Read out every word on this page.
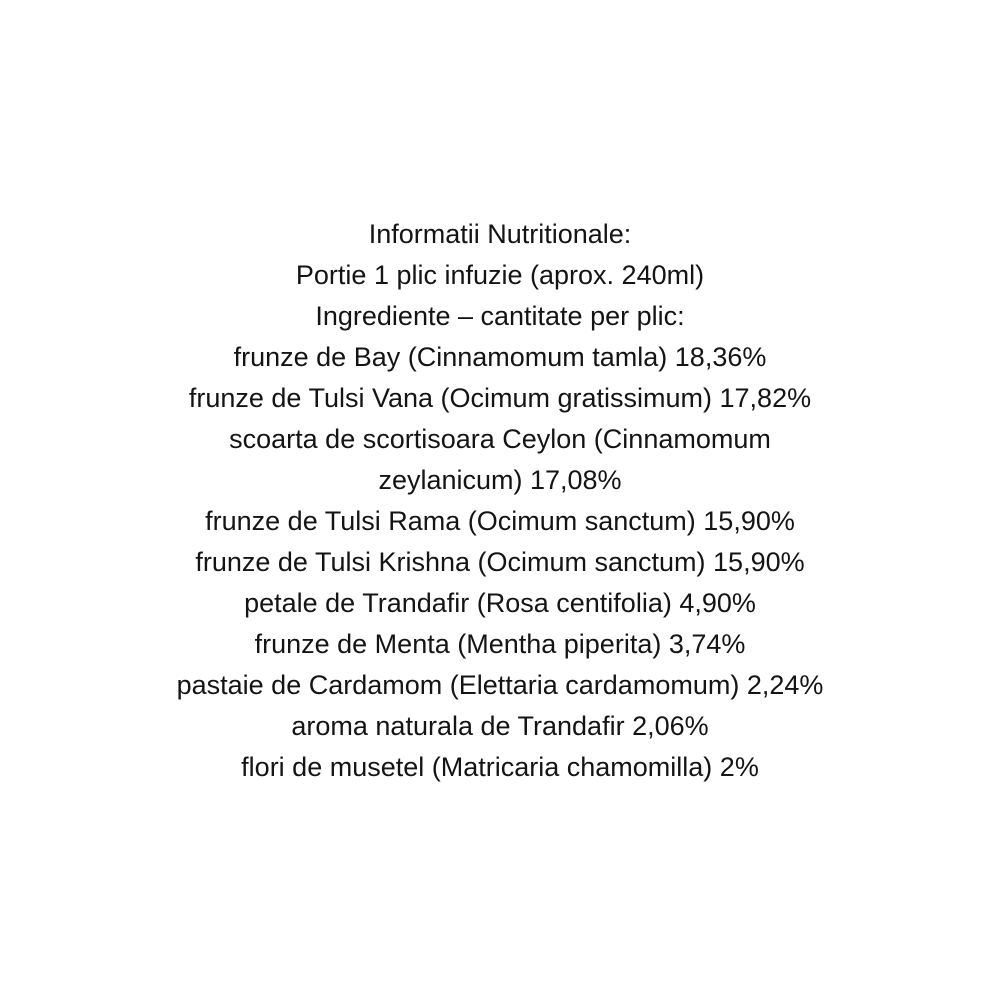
Informatii Nutritionale:
Portie 1 plic infuzie (aprox. 240ml)
Ingrediente – cantitate per plic:
frunze de Bay (Cinnamomum tamla) 18,36%
frunze de Tulsi Vana (Ocimum gratissimum) 17,82%
scoarta de scortisoara Ceylon (Cinnamomum
zeylanicum) 17,08%
frunze de Tulsi Rama (Ocimum sanctum) 15,90%
frunze de Tulsi Krishna (Ocimum sanctum) 15,90%
petale de Trandafir (Rosa centifolia) 4,90%
frunze de Menta (Mentha piperita) 3,74%
pastaie de Cardamom (Elettaria cardamomum) 2,24%
aroma naturala de Trandafir 2,06%
flori de musetel (Matricaria chamomilla) 2%
